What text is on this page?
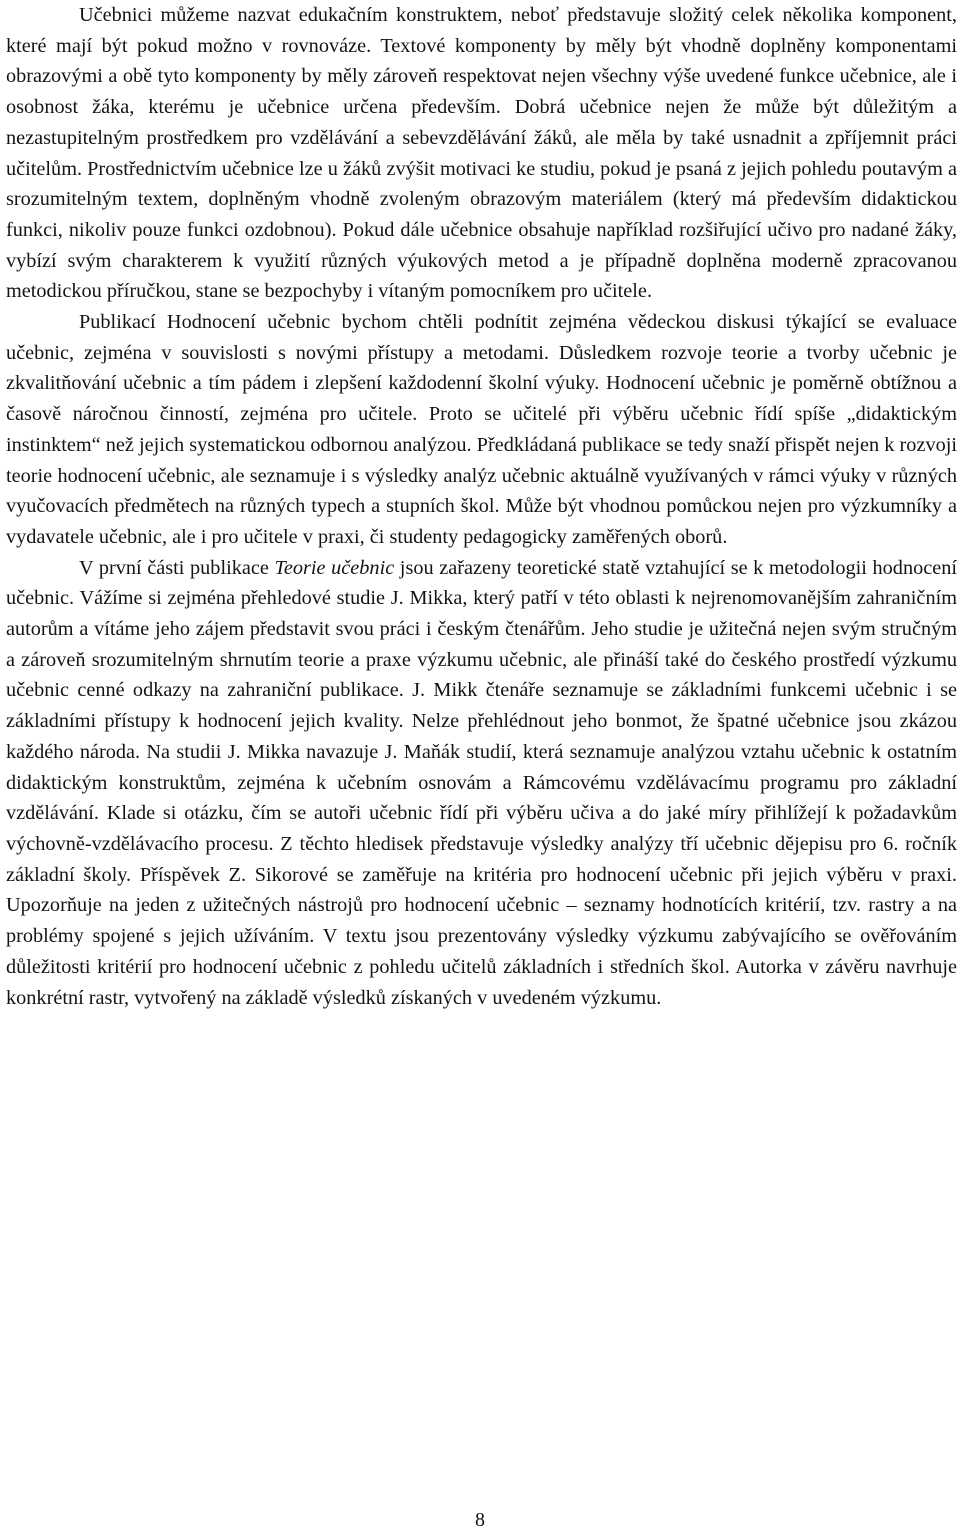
Učebnici můžeme nazvat edukačním konstruktem, neboť představuje složitý celek několika komponent, které mají být pokud možno v rovnováze. Textové komponenty by měly být vhodně doplněny komponentami obrazovými a obě tyto komponenty by měly zároveň respektovat nejen všechny výše uvedené funkce učebnice, ale i osobnost žáka, kterému je učebnice určena především. Dobrá učebnice nejen že může být důležitým a nezastupitelným prostředkem pro vzdělávání a sebevzdělávání žáků, ale měla by také usnadnit a zpříjemnit práci učitelům. Prostřednictvím učebnice lze u žáků zvýšit motivaci ke studiu, pokud je psaná z jejich pohledu poutavým a srozumitelným textem, doplněným vhodně zvoleným obrazovým materiálem (který má především didaktickou funkci, nikoliv pouze funkci ozdobnou). Pokud dále učebnice obsahuje například rozšiřující učivo pro nadané žáky, vybízí svým charakterem k využití různých výukových metod a je případně doplněna moderně zpracovanou metodickou příručkou, stane se bezpochyby i vítaným pomocníkem pro učitele.

Publikací Hodnocení učebnic bychom chtěli podnítit zejména vědeckou diskusi týkající se evaluace učebnic, zejména v souvislosti s novými přístupy a metodami. Důsledkem rozvoje teorie a tvorby učebnic je zkvalitňování učebnic a tím pádem i zlepšení každodenní školní výuky. Hodnocení učebnic je poměrně obtížnou a časově náročnou činností, zejména pro učitele. Proto se učitelé při výběru učebnic řídí spíše „didaktickým instinktem“ než jejich systematickou odbornou analýzou. Předkládaná publikace se tedy snaží přispět nejen k rozvoji teorie hodnocení učebnic, ale seznamuje i s výsledky analýz učebnic aktuálně využívaných v rámci výuky v různých vyučovacích předmětech na různých typech a stupních škol. Může být vhodnou pomůckou nejen pro výzkumníky a vydavatele učebnic, ale i pro učitele v praxi, či studenty pedagogicky zaměřených oborů.

V první části publikace Teorie učebnic jsou zařazeny teoretické statě vztahující se k metodologii hodnocení učebnic. Vážíme si zejména přehledové studie J. Mikka, který patří v této oblasti k nejrenomovanějším zahraničním autorům a vítáme jeho zájem představit svou práci i českým čtenářům. Jeho studie je užitečná nejen svým stručným a zároveň srozumitelným shrnutím teorie a praxe výzkumu učebnic, ale přináší také do českého prostředí výzkumu učebnic cenné odkazy na zahraniční publikace. J. Mikk čtenáře seznamuje se základními funkcemi učebnic i se základními přístupy k hodnocení jejich kvality. Nelze přehlédnout jeho bonmot, že špatné učebnice jsou zkázou každého národa. Na studii J. Mikka navazuje J. Maňák studií, která seznamuje analýzou vztahu učebnic k ostatním didaktickým konstruktům, zejména k učebním osnovám a Rámcovému vzdělávacímu programu pro základní vzdělávání. Klade si otázku, čím se autoři učebnic řídí při výběru učiva a do jaké míry přihlížejí k požadavkům výchovně-vzdělávacího procesu. Z těchto hledisek představuje výsledky analýzy tří učebnic dějepisu pro 6. ročník základní školy. Příspěvek Z. Sikorové se zaměřuje na kritéria pro hodnocení učebnic při jejich výběru v praxi. Upozorňuje na jeden z užitečných nástrojů pro hodnocení učebnic – seznamy hodnotících kritérií, tzv. rastry a na problémy spojené s jejich užíváním. V textu jsou prezentovány výsledky výzkumu zabývajícího se ověřováním důležitosti kritérií pro hodnocení učebnic z pohledu učitelů základních i středních škol. Autorka v závěru navrhuje konkrétní rastr, vytvořený na základě výsledků získaných v uvedeném výzkumu.

8
